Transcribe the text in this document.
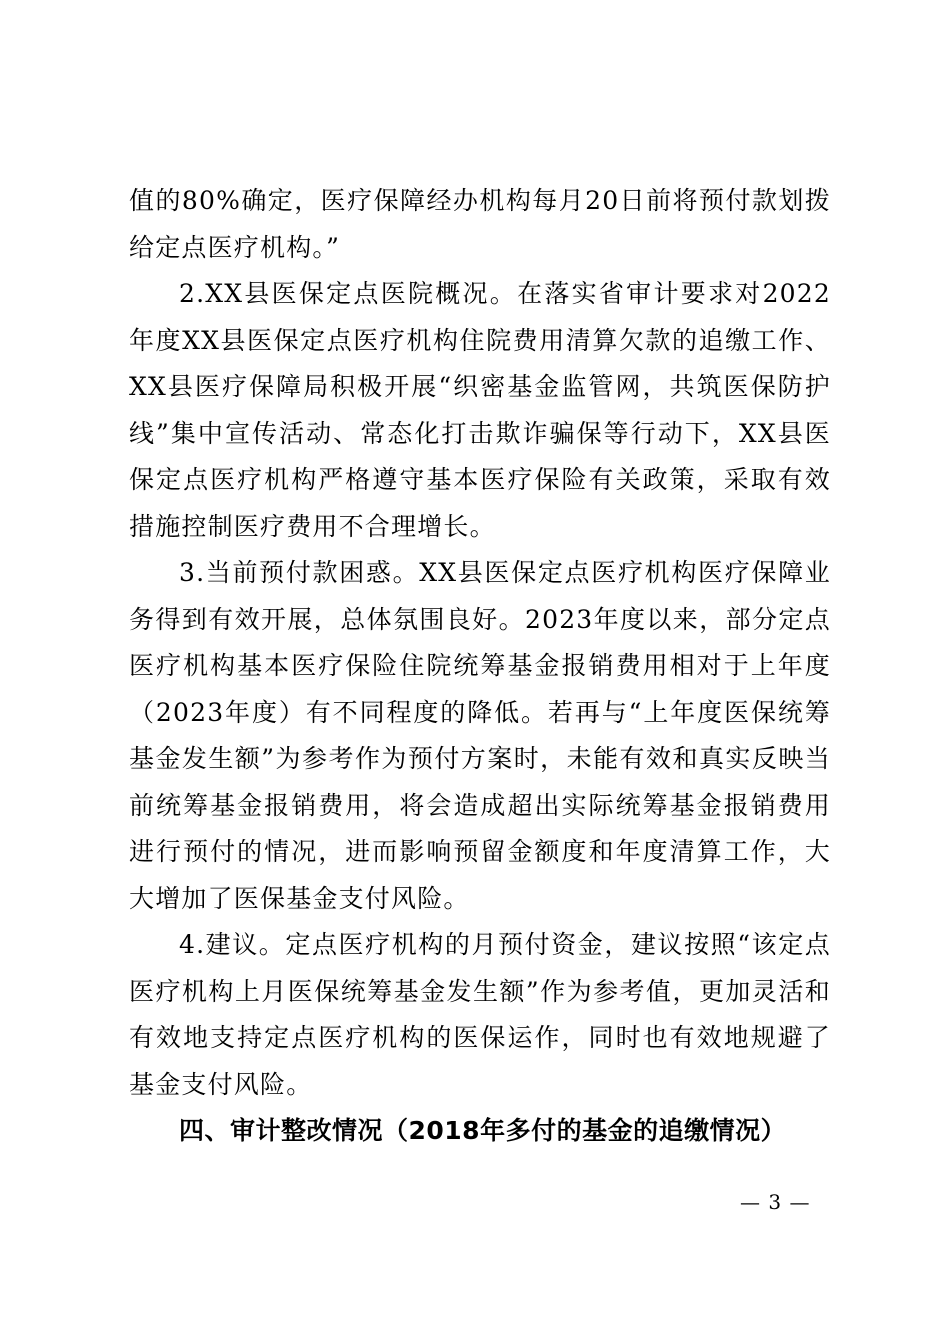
值的80%确定，医疗保障经办机构每月20日前将预付款划拨给定点医疗机构。”

2.XX县医保定点医院概况。在落实省审计要求对2022年度XX县医保定点医疗机构住院费用清算欠款的追缴工作、XX县医疗保障局积极开展“织密基金监管网，共筑医保防护线”集中宣传活动、常态化打击欺诈骗保等行动下，XX县医保定点医疗机构严格遵守基本医疗保险有关政策，采取有效措施控制医疗费用不合理增长。

3.当前预付款困惑。XX县医保定点医疗机构医疗保障业务得到有效开展，总体氛围良好。2023年度以来，部分定点医疗机构基本医疗保险住院统筹基金报销费用相对于上年度（2023年度）有不同程度的降低。若再与“上年度医保统筹基金发生额”为参考作为预付方案时，未能有效和真实反映当前统筹基金报销费用，将会造成超出实际统筹基金报销费用进行预付的情况，进而影响预留金额度和年度清算工作，大大增加了医保基金支付风险。

4.建议。定点医疗机构的月预付资金，建议按照“该定点医疗机构上月医保统筹基金发生额”作为参考值，更加灵活和有效地支持定点医疗机构的医保运作，同时也有效地规避了基金支付风险。

四、审计整改情况（2018年多付的基金的追缴情况）

— 3 —
